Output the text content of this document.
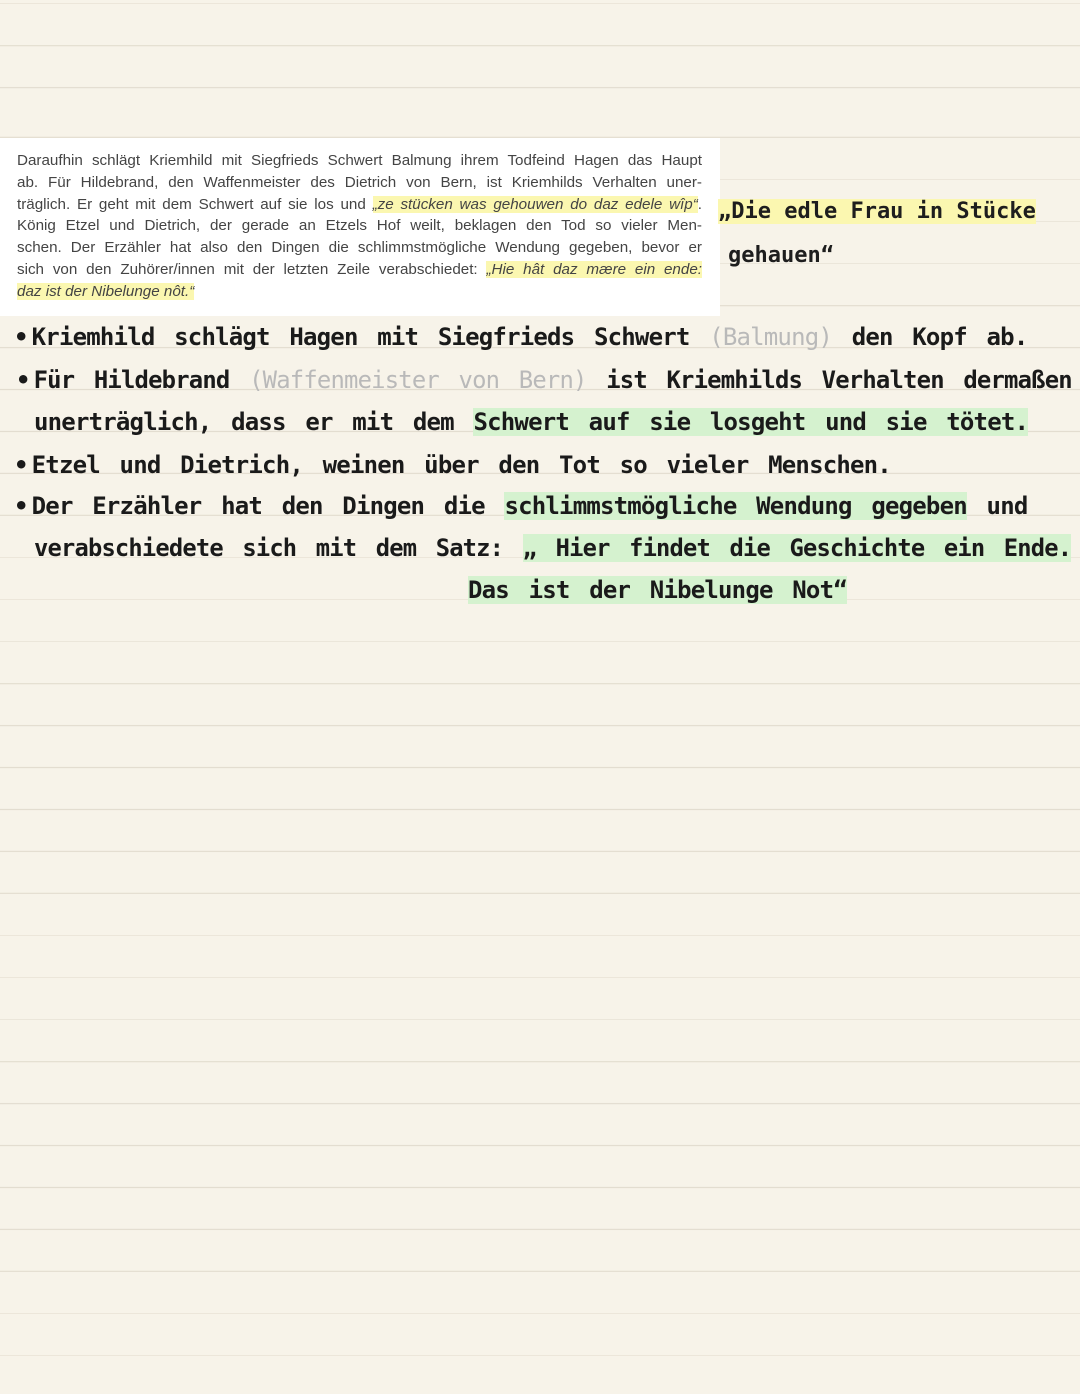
Daraufhin schlägt Kriemhild mit Siegfrieds Schwert Balmung ihrem Todfeind Hagen das Haupt
ab. Für Hildebrand, den Waffenmeister des Dietrich von Bern, ist Kriemhilds Verhalten uner-
träglich. Er geht mit dem Schwert auf sie los und „ze stücken was gehouwen do daz edele wîp“.
König Etzel und Dietrich, der gerade an Etzels Hof weilt, beklagen den Tod so vieler Men-
schen. Der Erzähler hat also den Dingen die schlimmstmögliche Wendung gegeben, bevor er
sich von den Zuhörer/innen mit der letzten Zeile verabschiedet: „Hie hât daz mære ein ende:
daz ist der Nibelunge nôt.“
„Die edle Frau in Stücke
gehauen“
• Kriemhild schlägt Hagen mit Siegfrieds Schwert (Balmung) den Kopf ab.
• Für Hildebrand (Waffenmeister von Bern) ist Kriemhilds Verhalten dermaßen
unerträglich, dass er mit dem Schwert auf sie losgeht und sie tötet.
• Etzel und Dietrich, weinen über den Tot so vieler Menschen.
• Der Erzähler hat den Dingen die schlimmstmögliche Wendung gegeben und
verabschiedete sich mit dem Satz: „ Hier findet die Geschichte ein Ende.
Das ist der Nibelunge Not“
